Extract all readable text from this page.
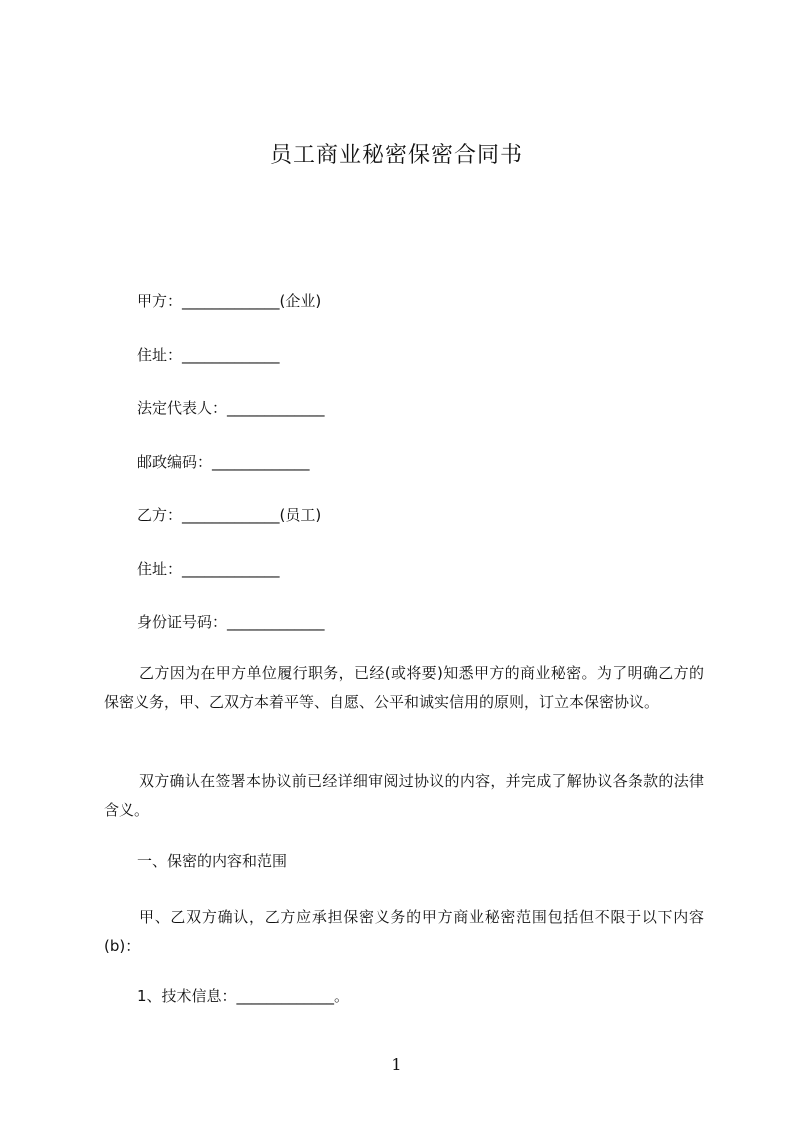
员工商业秘密保密合同书
甲方：_____________(企业)
住址：_____________
法定代表人：_____________
邮政编码：_____________
乙方：_____________(员工)
住址：_____________
身份证号码：_____________
乙方因为在甲方单位履行职务，已经(或将要)知悉甲方的商业秘密。为了明确乙方的保密义务，甲、乙双方本着平等、自愿、公平和诚实信用的原则，订立本保密协议。
双方确认在签署本协议前已经详细审阅过协议的内容，并完成了解协议各条款的法律含义。
一、保密的内容和范围
甲、乙双方确认，乙方应承担保密义务的甲方商业秘密范围包括但不限于以下内容(b)：
1、技术信息：_____________。
1
